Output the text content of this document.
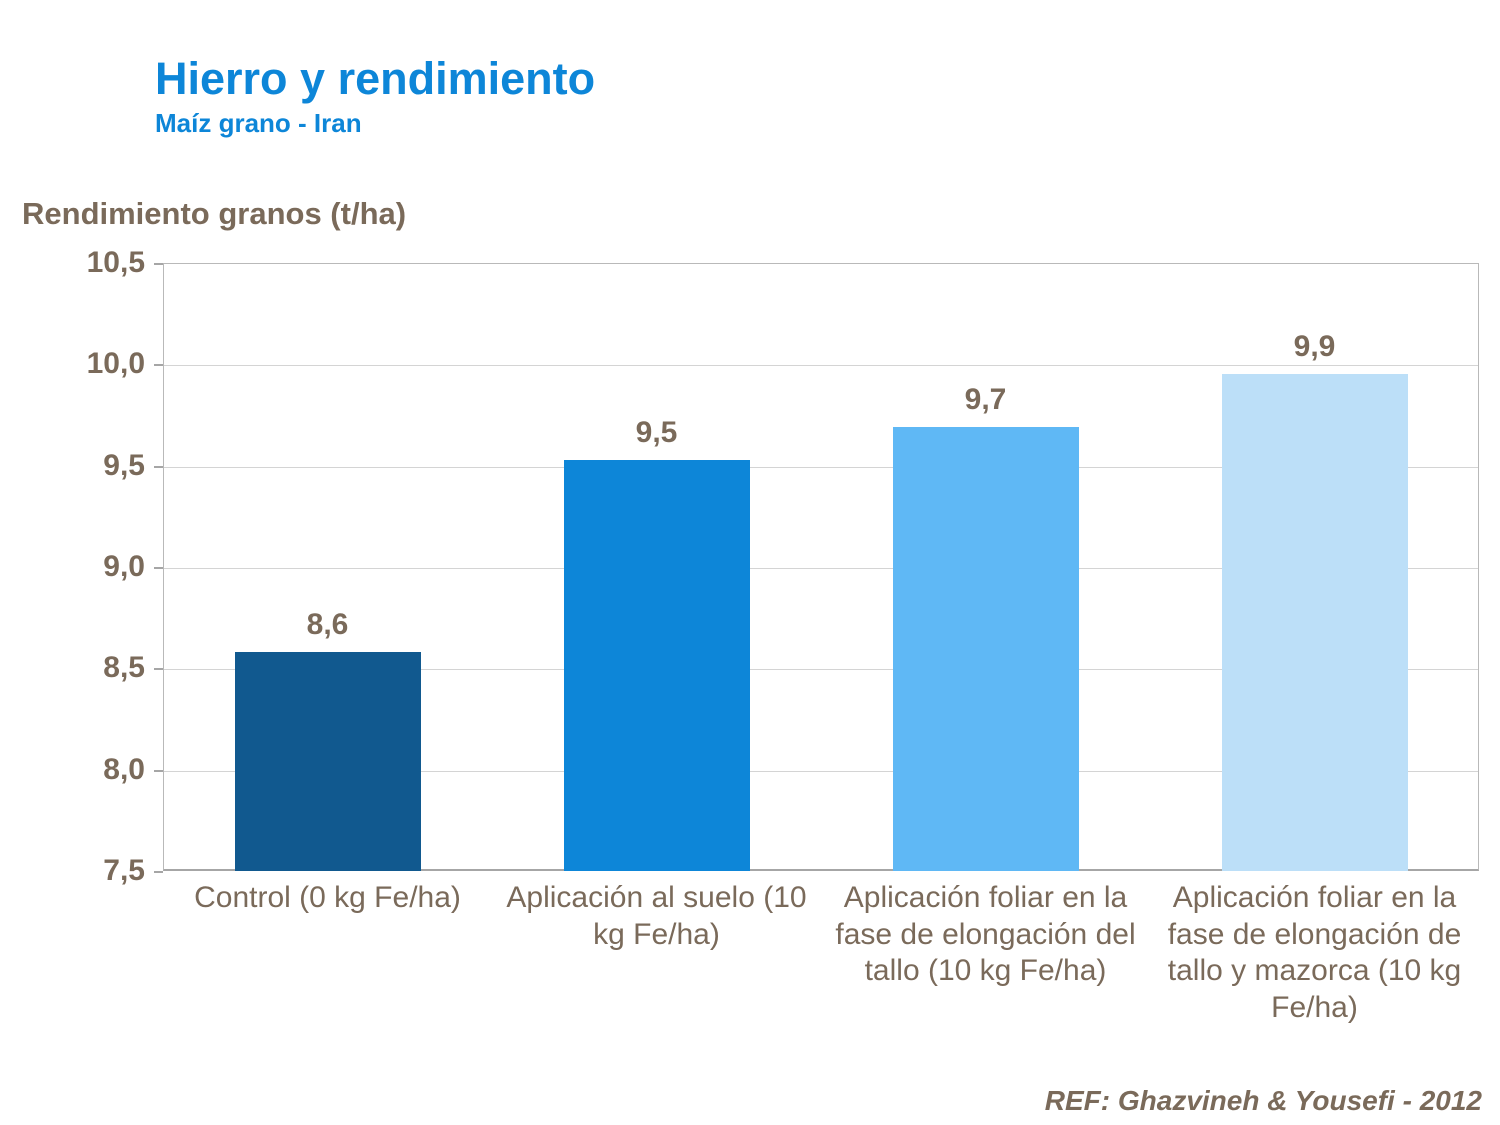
Hierro y rendimiento
Maíz grano - Iran
Rendimiento granos (t/ha)
8,6
9,5
9,7
9,9
7,5
8,0
8,5
9,0
9,5
10,0
10,5
Control (0 kg Fe/ha)	Aplicación al suelo (10 kg Fe/ha)
Aplicación foliar en la fase de elongación del tallo (10 kg Fe/ha)
Aplicación foliar en la fase de elongación de tallo y mazorca (10 kg Fe/ha)
REF: Ghazvineh & Yousefi - 2012
